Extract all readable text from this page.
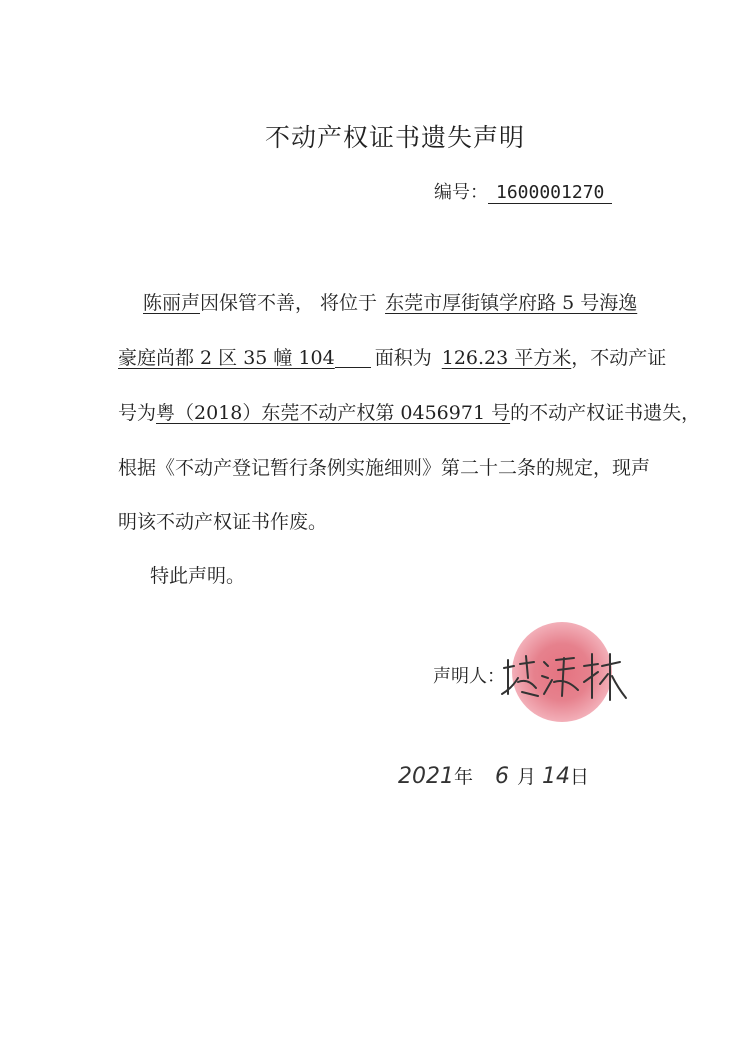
不动产权证书遗失声明
编号： 1600001270
陈丽声因保管不善， 将位于 东莞市厚街镇学府路 5 号海逸
豪庭尚都 2 区 35 幢 104 面积为 126.23 平方米，不动产证
号为粤（2018）东莞不动产权第 0456971 号的不动产权证书遗失，
根据《不动产登记暂行条例实施细则》第二十二条的规定，现声
明该不动产权证书作废。
特此声明。
声明人：
2021年 6 月 14日
